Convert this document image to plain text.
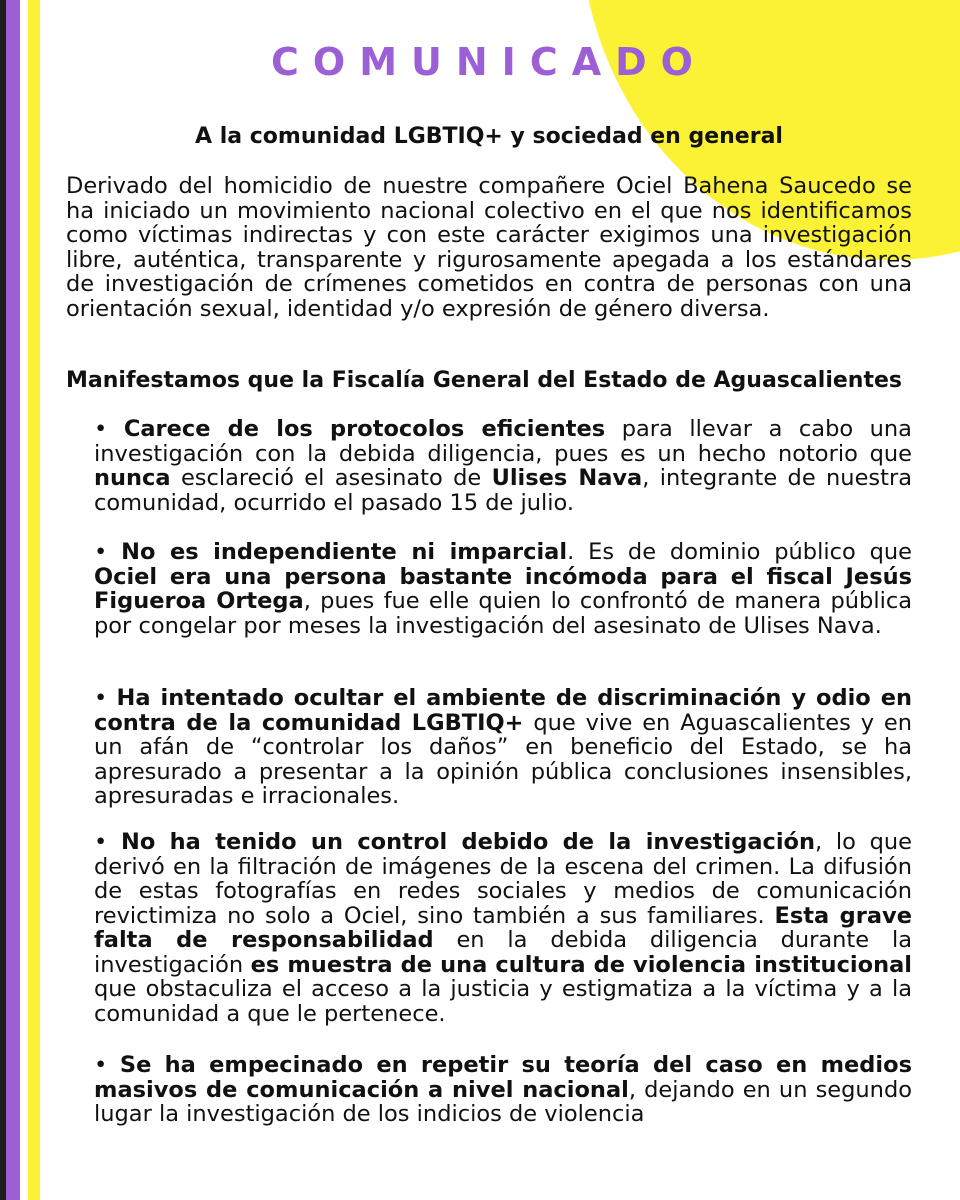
COMUNICADO
A la comunidad LGBTIQ+ y sociedad en general

Derivado del homicidio de nuestre compañere Ociel Bahena Saucedo se ha iniciado un movimiento nacional colectivo en el que nos identificamos como víctimas indirectas y con este carácter exigimos una investigación libre, auténtica, transparente y rigurosamente apegada a los estándares de investigación de crímenes cometidos en contra de personas con una orientación sexual, identidad y/o expresión de género diversa.

Manifestamos que la Fiscalía General del Estado de Aguascalientes
• Carece de los protocolos eficientes para llevar a cabo una investigación con la debida diligencia, pues es un hecho notorio que nunca esclareció el asesinato de Ulises Nava, integrante de nuestra comunidad, ocurrido el pasado 15 de julio.
• No es independiente ni imparcial. Es de dominio público que Ociel era una persona bastante incómoda para el fiscal Jesús Figueroa Ortega, pues fue elle quien lo confrontó de manera pública por congelar por meses la investigación del asesinato de Ulises Nava.
• Ha intentado ocultar el ambiente de discriminación y odio en contra de la comunidad LGBTIQ+ que vive en Aguascalientes y en un afán de “controlar los daños” en beneficio del Estado, se ha apresurado a presentar a la opinión pública conclusiones insensibles, apresuradas e irracionales.
• No ha tenido un control debido de la investigación, lo que derivó en la filtración de imágenes de la escena del crimen. La difusión de estas fotografías en redes sociales y medios de comunicación revictimiza no solo a Ociel, sino también a sus familiares. Esta grave falta de responsabilidad en la debida diligencia durante la investigación es muestra de una cultura de violencia institucional que obstaculiza el acceso a la justicia y estigmatiza a la víctima y a la comunidad a que le pertenece.
• Se ha empecinado en repetir su teoría del caso en medios masivos de comunicación a nivel nacional, dejando en un segundo lugar la investigación de los indicios de violencia
